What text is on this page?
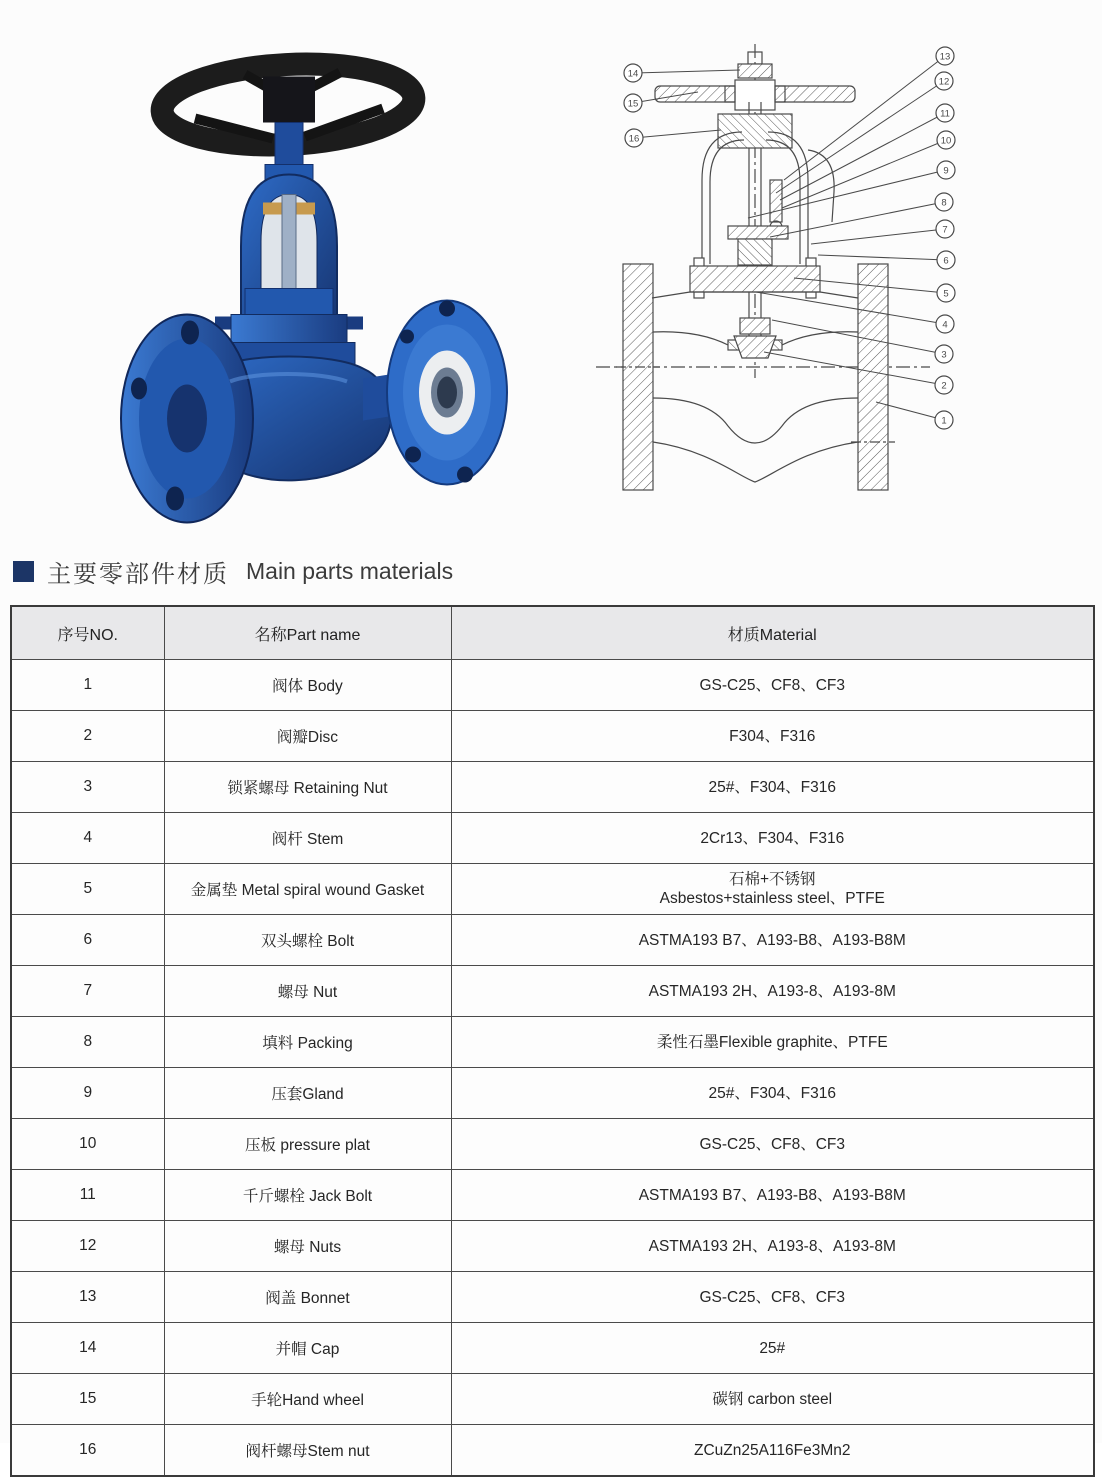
1
2
3
4
5
6
7
8
9
10
11
12
13
14
15
16
主要零部件材质 Main parts materials
序号NO.	名称Part name	材质Material
1	阀体 Body	GS-C25、CF8、CF3

2	阀瓣Disc	F304、F316

3	锁紧螺母 Retaining Nut	25#、F304、F316

4	阀杆 Stem	2Cr13、F304、F316

5	金属垫 Metal spiral wound Gasket	石棉+不锈钢
Asbestos+stainless steel、PTFE

6	双头螺栓 Bolt	ASTMA193 B7、A193-B8、A193-B8M

7	螺母 Nut	ASTMA193 2H、A193-8、A193-8M

8	填料 Packing	柔性石墨Flexible graphite、PTFE

9	压套Gland	25#、F304、F316

10	压板 pressure plat	GS-C25、CF8、CF3

11	千斤螺栓 Jack Bolt	ASTMA193 B7、A193-B8、A193-B8M

12	螺母 Nuts	ASTMA193 2H、A193-8、A193-8M

13	阀盖 Bonnet	GS-C25、CF8、CF3

14	并帽 Cap	25#

15	手轮Hand wheel	碳钢 carbon steel

16	阀杆螺母Stem nut	ZCuZn25A116Fe3Mn2
